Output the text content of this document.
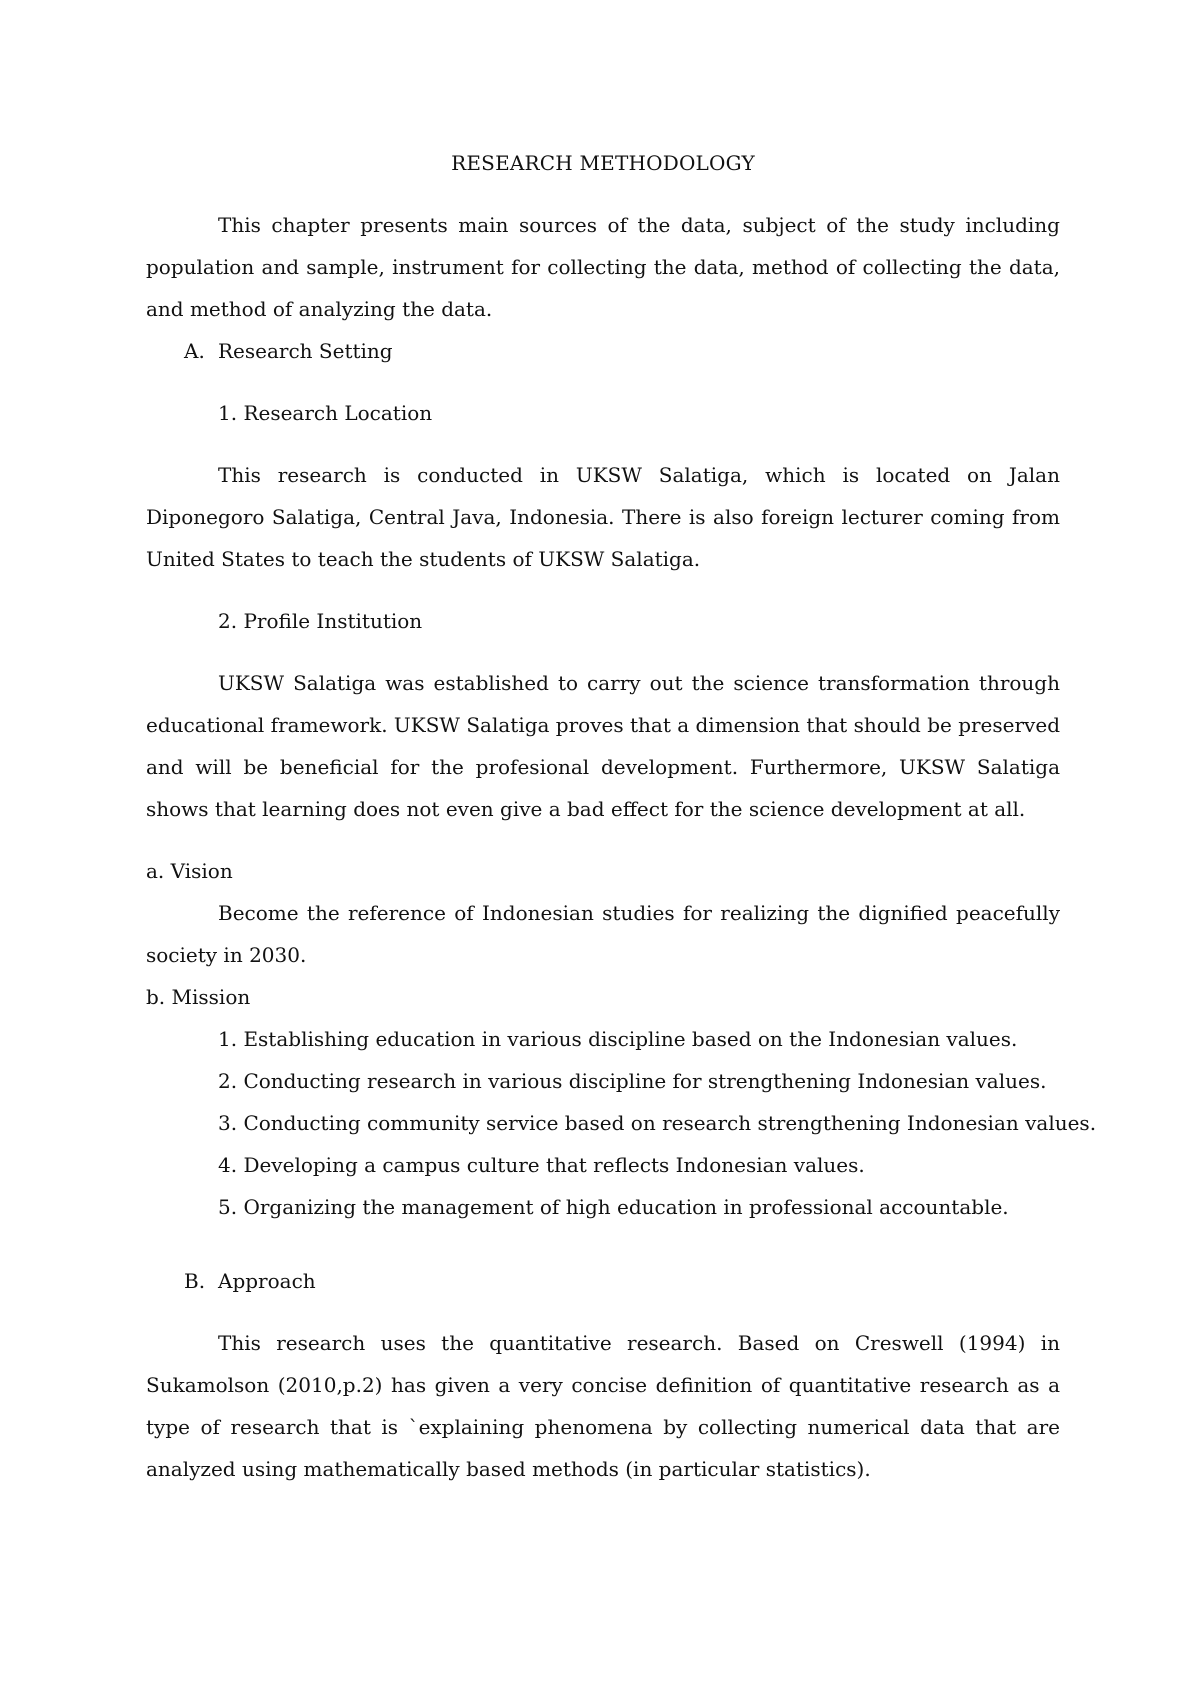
RESEARCH METHODOLOGY

This chapter presents main sources of the data, subject of the study including population and sample, instrument for collecting the data, method of collecting the data, and method of analyzing the data.

A. Research Setting
1. Research Location

This research is conducted in UKSW Salatiga, which is located on Jalan Diponegoro Salatiga, Central Java, Indonesia. There is also foreign lecturer coming from United States to teach the students of UKSW Salatiga.

2. Profile Institution

UKSW Salatiga was established to carry out the science transformation through educational framework. UKSW Salatiga proves that a dimension that should be preserved and will be beneficial for the profesional development. Furthermore, UKSW Salatiga shows that learning does not even give a bad effect for the science development at all.

a. Vision

Become the reference of Indonesian studies for realizing the dignified peacefully society in 2030.

b. Mission
1. Establishing education in various discipline based on the Indonesian values.
2. Conducting research in various discipline for strengthening Indonesian values.
3. Conducting community service based on research strengthening Indonesian values.
4. Developing a campus culture that reflects Indonesian values.
5. Organizing the management of high education in professional accountable.
B. Approach

This research uses the quantitative research. Based on Creswell (1994) in Sukamolson (2010,p.2) has given a very concise definition of quantitative research as a type of research that is `explaining phenomena by collecting numerical data that are analyzed using mathematically based methods (in particular statistics).
